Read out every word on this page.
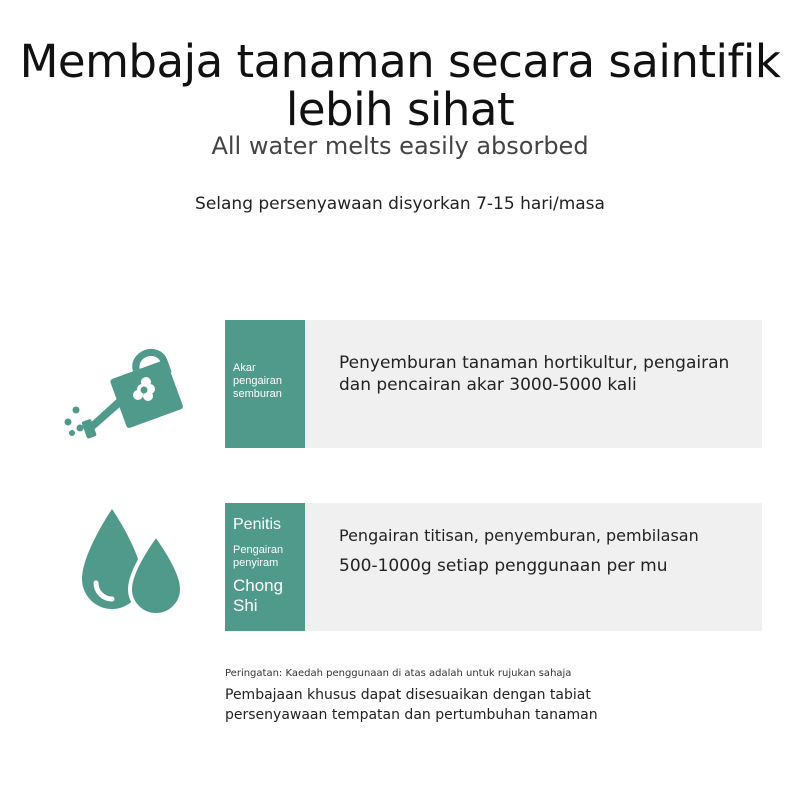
Membaja tanaman secara saintifik
lebih sihat
All water melts easily absorbed
Selang persenyawaan disyorkan 7-15 hari/masa
Akar pengairan semburan
Penyemburan tanaman hortikultur, pengairan dan pencairan akar 3000-5000 kali
Penitis
Pengairan penyiram
Chong Shi
Pengairan titisan, penyemburan, pembilasan
500-1000g setiap penggunaan per mu
Peringatan: Kaedah penggunaan di atas adalah untuk rujukan sahaja
Pembajaan khusus dapat disesuaikan dengan tabiat persenyawaan tempatan dan pertumbuhan tanaman
